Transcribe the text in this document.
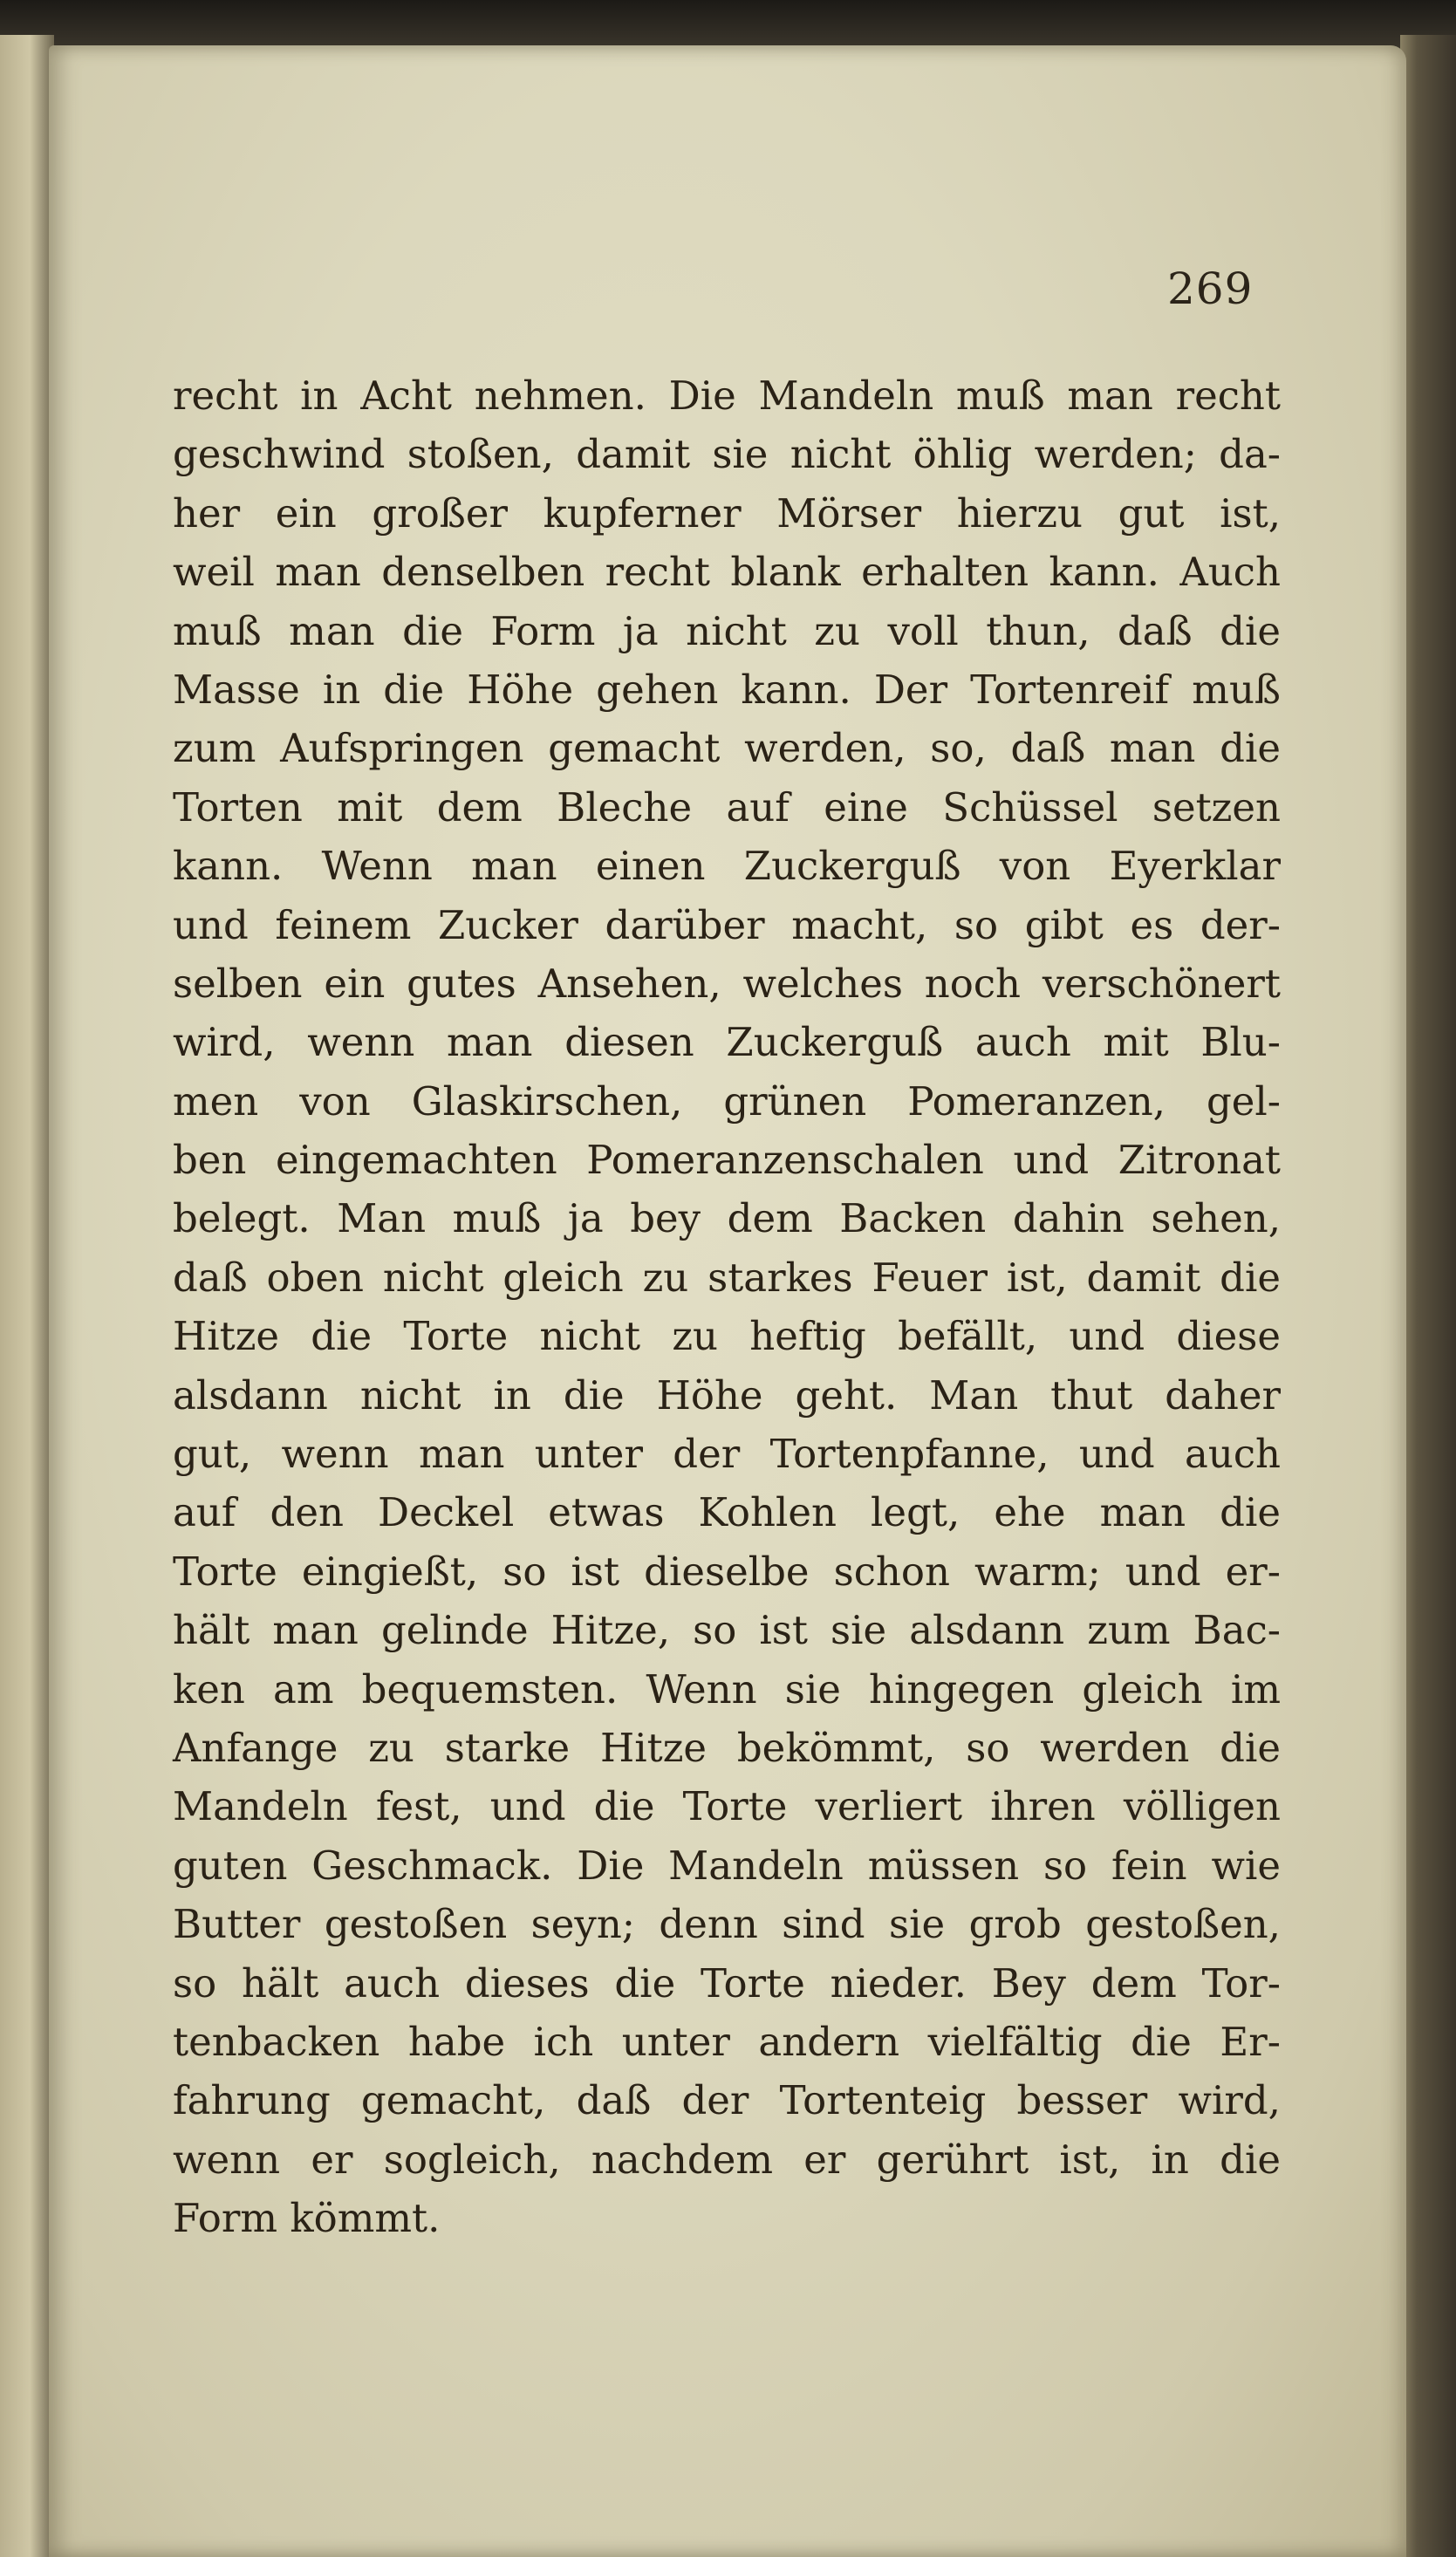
269
recht in Acht nehmen. Die Mandeln muß man recht
geschwind stoßen, damit sie nicht öhlig werden; da-
her ein großer kupferner Mörser hierzu gut ist,
weil man denselben recht blank erhalten kann. Auch
muß man die Form ja nicht zu voll thun, daß die
Masse in die Höhe gehen kann. Der Tortenreif muß
zum Aufspringen gemacht werden, so, daß man die
Torten mit dem Bleche auf eine Schüssel setzen
kann. Wenn man einen Zuckerguß von Eyerklar
und feinem Zucker darüber macht, so gibt es der-
selben ein gutes Ansehen, welches noch verschönert
wird, wenn man diesen Zuckerguß auch mit Blu-
men von Glaskirschen, grünen Pomeranzen, gel-
ben eingemachten Pomeranzenschalen und Zitronat
belegt. Man muß ja bey dem Backen dahin sehen,
daß oben nicht gleich zu starkes Feuer ist, damit die
Hitze die Torte nicht zu heftig befällt, und diese
alsdann nicht in die Höhe geht. Man thut daher
gut, wenn man unter der Tortenpfanne, und auch
auf den Deckel etwas Kohlen legt, ehe man die
Torte eingießt, so ist dieselbe schon warm; und er-
hält man gelinde Hitze, so ist sie alsdann zum Bac-
ken am bequemsten. Wenn sie hingegen gleich im
Anfange zu starke Hitze bekömmt, so werden die
Mandeln fest, und die Torte verliert ihren völligen
guten Geschmack. Die Mandeln müssen so fein wie
Butter gestoßen seyn; denn sind sie grob gestoßen,
so hält auch dieses die Torte nieder. Bey dem Tor-
tenbacken habe ich unter andern vielfältig die Er-
fahrung gemacht, daß der Tortenteig besser wird,
wenn er sogleich, nachdem er gerührt ist, in die
Form kömmt.
